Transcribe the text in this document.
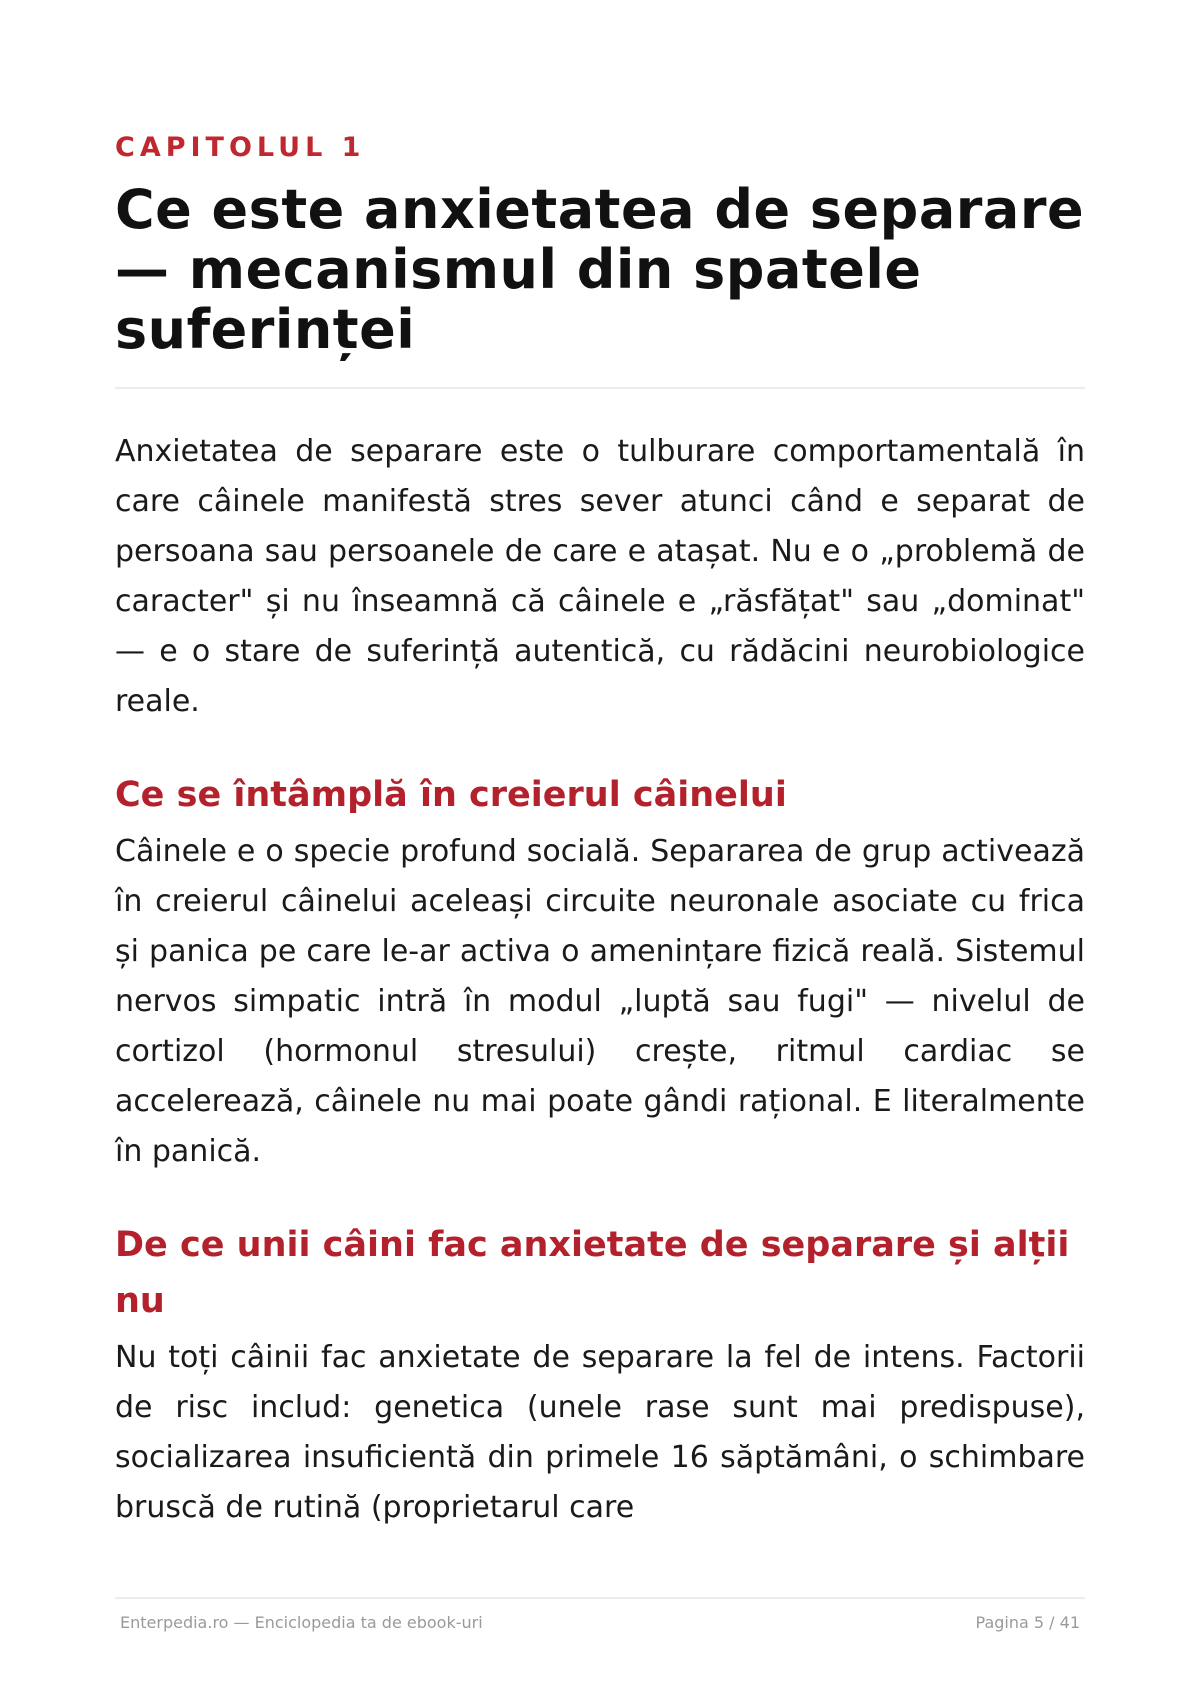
CAPITOLUL 1
Ce este anxietatea de separare — mecanismul din spatele suferinței

Anxietatea de separare este o tulburare comportamentală în care câinele manifestă stres sever atunci când e separat de persoana sau persoanele de care e atașat. Nu e o „problemă de caracter" și nu înseamnă că câinele e „răsfățat" sau „dominat" — e o stare de suferință autentică, cu rădăcini neurobiologice reale.

Ce se întâmplă în creierul câinelui

Câinele e o specie profund socială. Separarea de grup activează în creierul câinelui aceleași circuite neuronale asociate cu frica și panica pe care le-ar activa o amenințare fizică reală. Sistemul nervos simpatic intră în modul „luptă sau fugi" — nivelul de cortizol (hormonul stresului) crește, ritmul cardiac se accelerează, câinele nu mai poate gândi rațional. E literalmente în panică.

De ce unii câini fac anxietate de separare și alții nu

Nu toți câinii fac anxietate de separare la fel de intens. Factorii de risc includ: genetica (unele rase sunt mai predispuse), socializarea insuficientă din primele 16 săptămâni, o schimbare bruscă de rutină (proprietarul care

Enterpedia.ro — Enciclopedia ta de ebook-uri	Pagina 5 / 41
